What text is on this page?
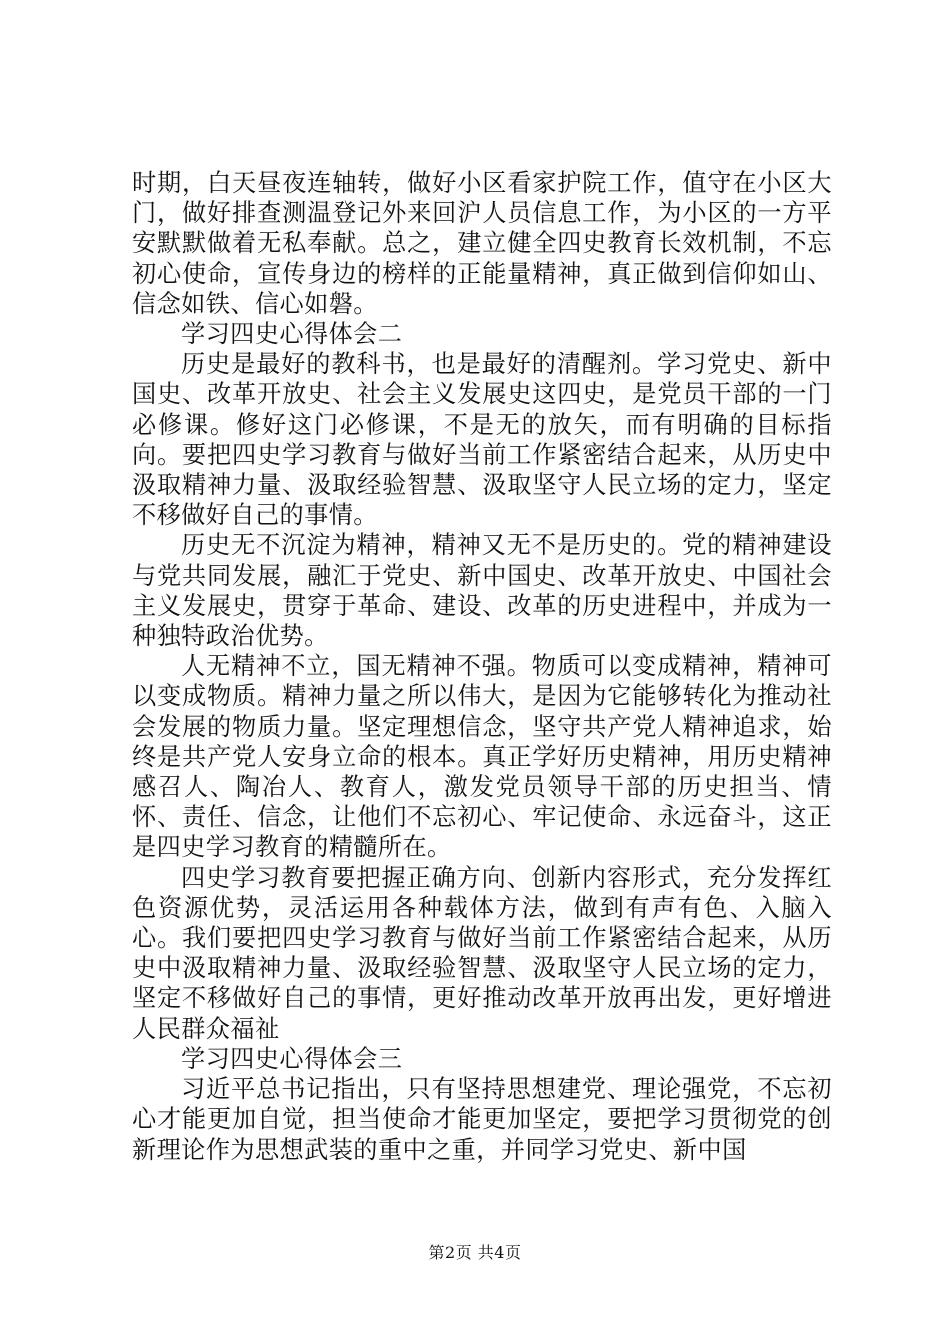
时期，白天昼夜连轴转，做好小区看家护院工作，值守在小区大门，做好排查测温登记外来回沪人员信息工作，为小区的一方平安默默做着无私奉献。总之，建立健全四史教育长效机制，不忘初心使命，宣传身边的榜样的正能量精神，真正做到信仰如山、信念如铁、信心如磐。

学习四史心得体会二

历史是最好的教科书，也是最好的清醒剂。学习党史、新中国史、改革开放史、社会主义发展史这四史，是党员干部的一门必修课。修好这门必修课，不是无的放矢，而有明确的目标指向。要把四史学习教育与做好当前工作紧密结合起来，从历史中汲取精神力量、汲取经验智慧、汲取坚守人民立场的定力，坚定不移做好自己的事情。

历史无不沉淀为精神，精神又无不是历史的。党的精神建设与党共同发展，融汇于党史、新中国史、改革开放史、中国社会主义发展史，贯穿于革命、建设、改革的历史进程中，并成为一种独特政治优势。

人无精神不立，国无精神不强。物质可以变成精神，精神可以变成物质。精神力量之所以伟大，是因为它能够转化为推动社会发展的物质力量。坚定理想信念，坚守共产党人精神追求，始终是共产党人安身立命的根本。真正学好历史精神，用历史精神感召人、陶冶人、教育人，激发党员领导干部的历史担当、情怀、责任、信念，让他们不忘初心、牢记使命、永远奋斗，这正是四史学习教育的精髓所在。

四史学习教育要把握正确方向、创新内容形式，充分发挥红色资源优势，灵活运用各种载体方法，做到有声有色、入脑入心。我们要把四史学习教育与做好当前工作紧密结合起来，从历史中汲取精神力量、汲取经验智慧、汲取坚守人民立场的定力，坚定不移做好自己的事情，更好推动改革开放再出发，更好增进人民群众福祉

学习四史心得体会三

习近平总书记指出，只有坚持思想建党、理论强党，不忘初心才能更加自觉，担当使命才能更加坚定，要把学习贯彻党的创新理论作为思想武装的重中之重，并同学习党史、新中国

第2页 共4页
